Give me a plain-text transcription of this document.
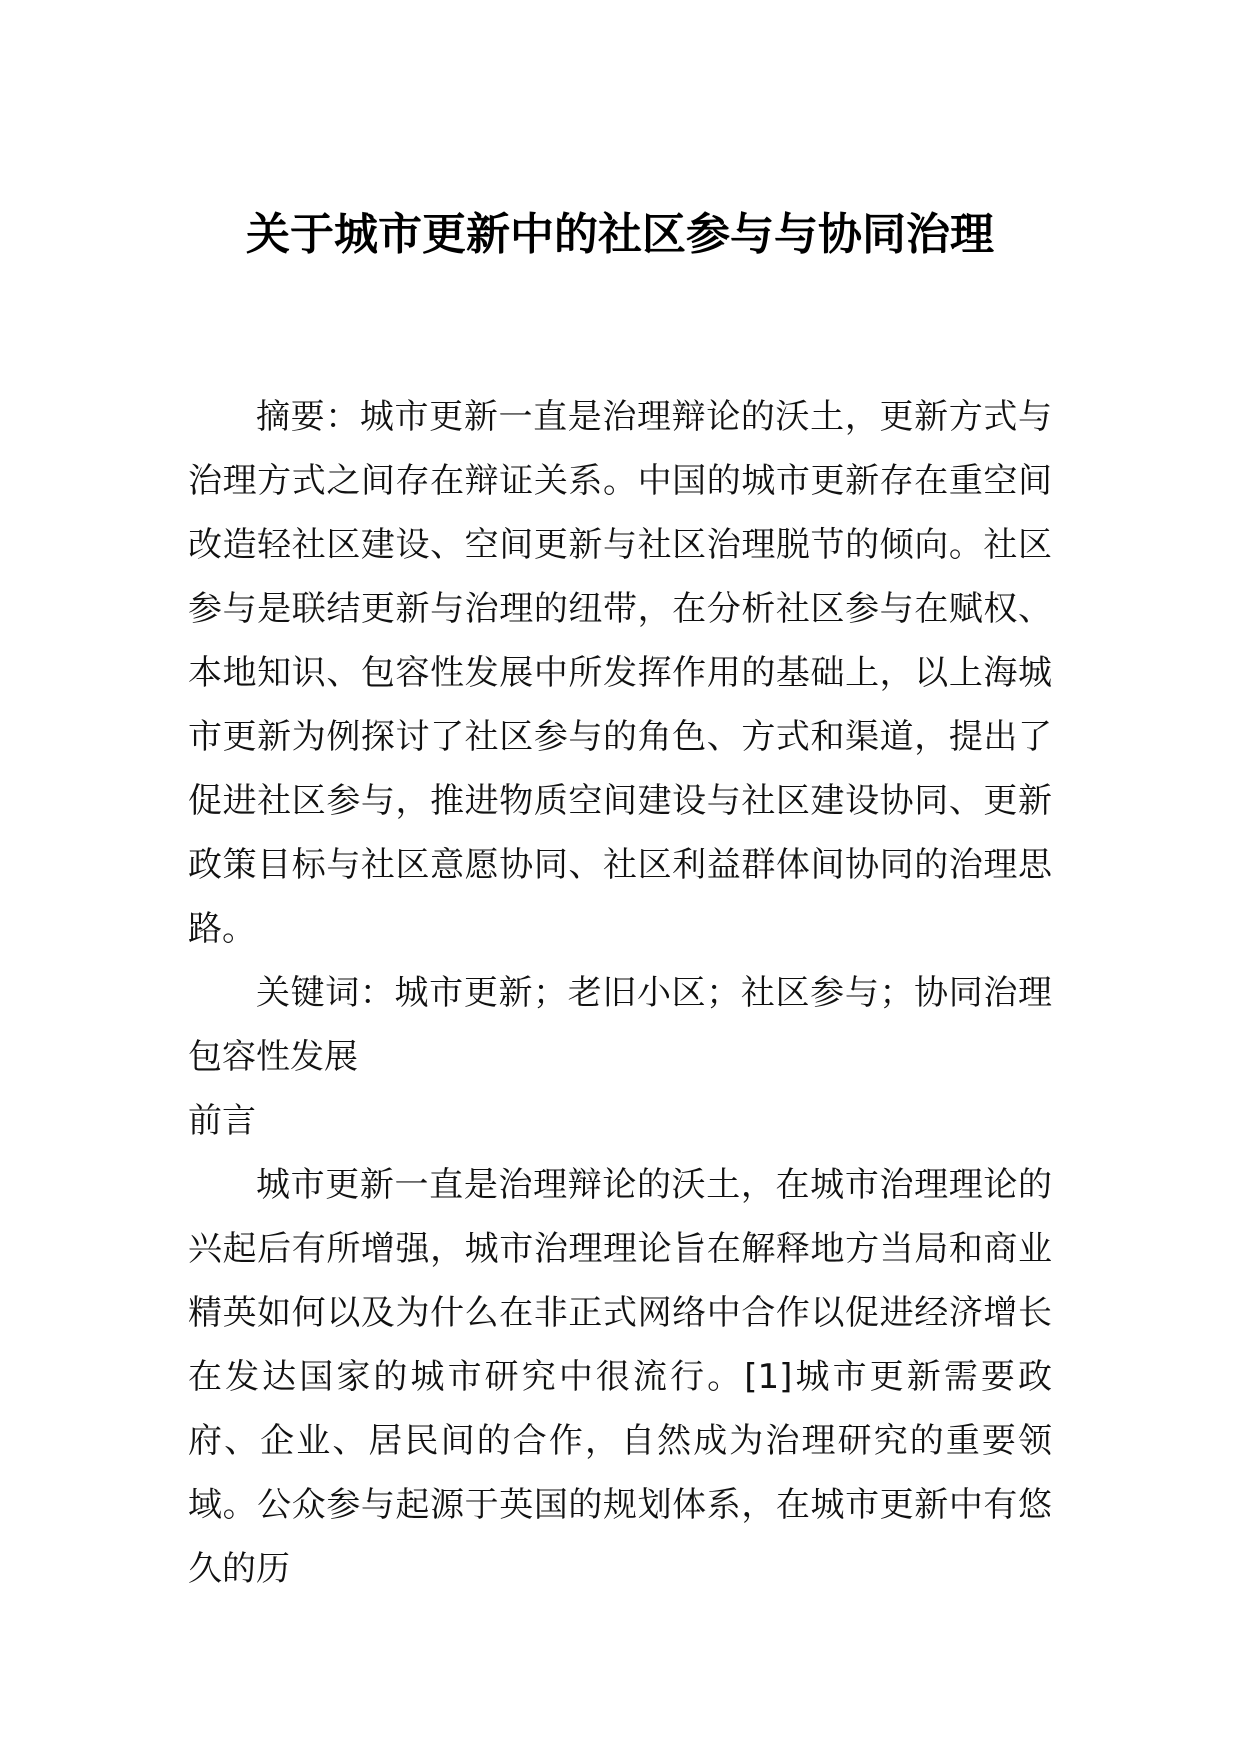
关于城市更新中的社区参与与协同治理

摘要：城市更新一直是治理辩论的沃土，更新方式与治理方式之间存在辩证关系。中国的城市更新存在重空间改造轻社区建设、空间更新与社区治理脱节的倾向。社区参与是联结更新与治理的纽带，在分析社区参与在赋权、本地知识、包容性发展中所发挥作用的基础上，以上海城市更新为例探讨了社区参与的角色、方式和渠道，提出了促进社区参与，推进物质空间建设与社区建设协同、更新政策目标与社区意愿协同、社区利益群体间协同的治理思路。

关键词：城市更新；老旧小区；社区参与；协同治理包容性发展

前言

城市更新一直是治理辩论的沃土，在城市治理理论的兴起后有所增强，城市治理理论旨在解释地方当局和商业精英如何以及为什么在非正式网络中合作以促进经济增长在发达国家的城市研究中很流行。[1]城市更新需要政府、企业、居民间的合作，自然成为治理研究的重要领域。公众参与起源于英国的规划体系，在城市更新中有悠久的历
